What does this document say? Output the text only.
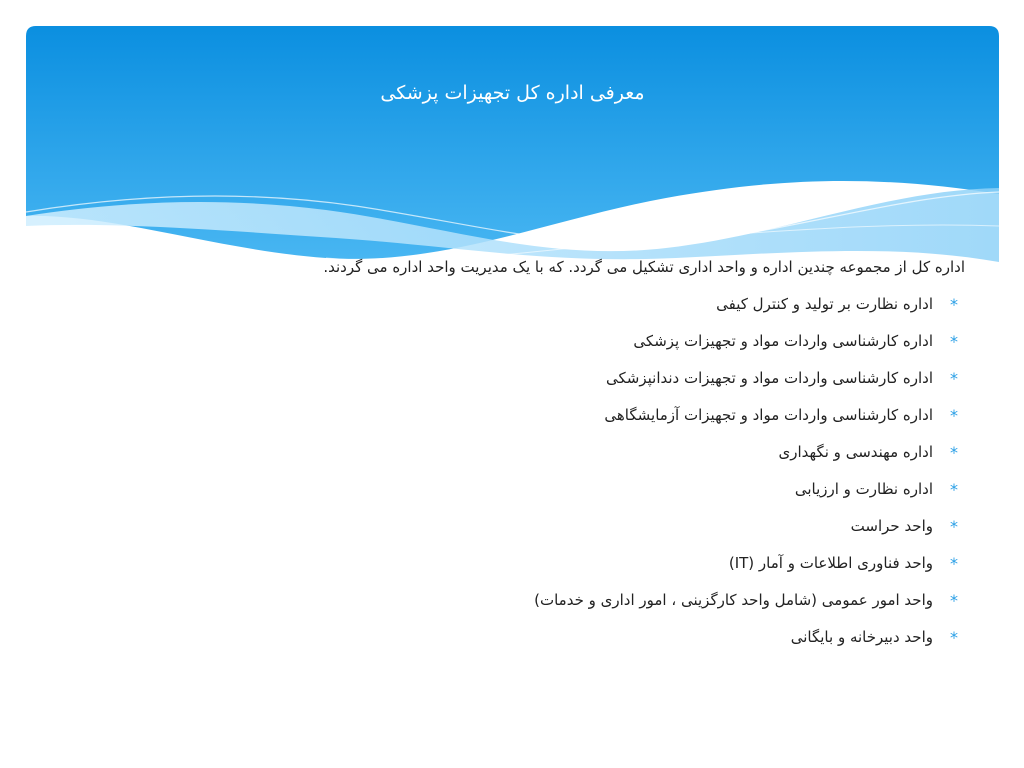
معرفی اداره کل تجهیزات پزشکی

اداره کل از مجموعه چندین اداره و واحد اداری تشکیل می گردد. که با یک مدیریت واحد اداره می گردند.

*
اداره نظارت بر تولید و کنترل کیفی
*
اداره کارشناسی واردات مواد و تجهیزات پزشکی
*
اداره کارشناسی واردات مواد و تجهیزات دندانپزشکی
*
اداره کارشناسی واردات مواد و تجهیزات آزمایشگاهی
*
اداره مهندسی و نگهداری
*
اداره نظارت و ارزیابی
*
واحد حراست
*
واحد فناوری اطلاعات و آمار (IT)
*
واحد امور عمومی (شامل واحد کارگزینی ، امور اداری و خدمات)
*
واحد دبیرخانه و بایگانی
